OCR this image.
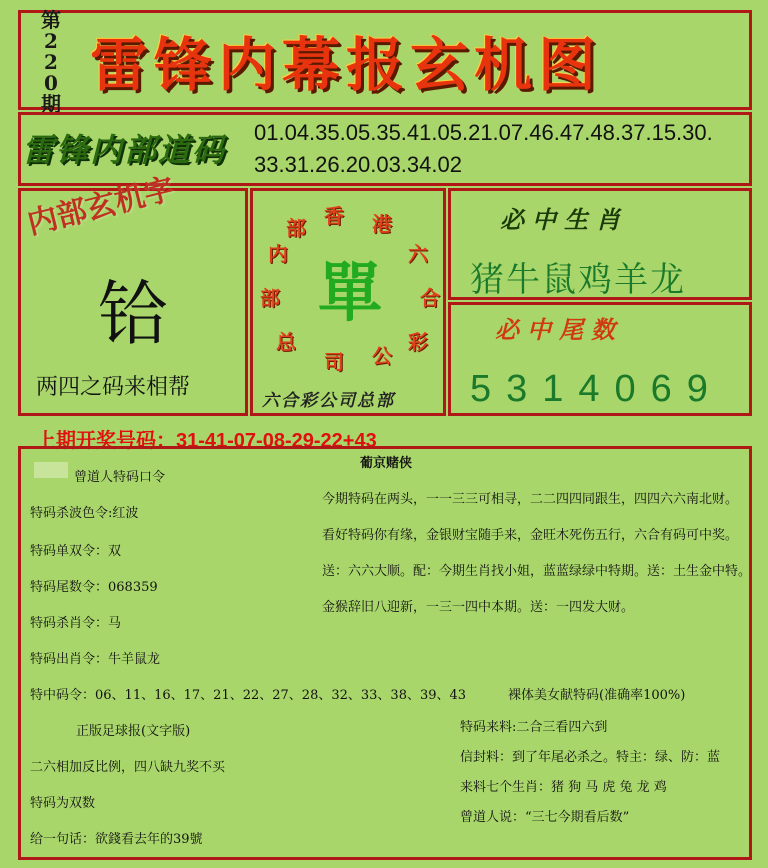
第
2
2
0
期
雷锋内幕报玄机图
雷锋内部道码 01.04.35.05.35.41.05.21.07.46.47.48.37.15.30.
33.31.26.20.03.34.02
内部玄机字
铪
两四之码来相帮
香 港
六
合
彩
公
司
总
部
内
部
單
六合彩公司总部
必中生肖
猪牛鼠鸡羊龙
必中尾数
5314069
上期开奖号码：31-41-07-08-29-22+43
曾道人特码口令
特码杀波色令:红波
特码单双令：双
特码尾数令：068359
特码杀肖令：马
特码出肖令：牛羊鼠龙
特中码令：06、11、16、17、21、22、27、28、32、33、38、39、43
正版足球报(文字版)
二六相加反比例，四八缺九奖不买
特码为双数
给一句话：欲錢看去年的39號
葡京赌侠
今期特码在两头，一一三三可相寻，二二四四同跟生，四四六六南北财。
看好特码你有缘，金银财宝随手来，金旺木死伤五行，六合有码可中奖。
送：六六大顺。配：今期生肖找小姐，蓝蓝绿绿中特期。送：土生金中特。
金猴辞旧八迎新，一三一四中本期。送：一四发大财。
裸体美女献特码(准确率100%)
特码来料:二合三看四六到
信封料：到了年尾必杀之。特主：绿、防：蓝
来料七个生肖：猪 狗 马 虎 兔 龙 鸡
曾道人说：“三七今期看后数”
